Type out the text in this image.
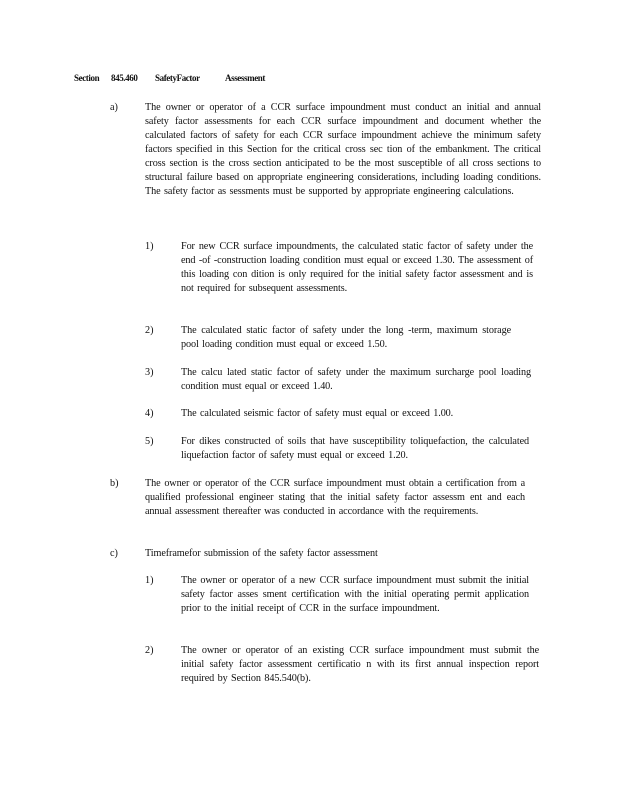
Section 845.460 SafetyFactor	Assessment
a)	The owner or operator of a CCR surface impoundment must conduct an initial and annual safety factor assessments for each CCR surface impoundment and document whether the calculated factors of safety for each CCR surface impoundment achieve the minimum safety factors specified in this Section for the critical cross sec tion of the embankment. The critical cross section is the cross section anticipated to be the most susceptible of all cross sections to structural failure based on appropriate engineering considerations, including loading conditions. The safety factor as sessments must be supported by appropriate engineering calculations.
1)	For new CCR surface impoundments, the calculated static factor of safety under the end -of -construction loading condition must equal or exceed 1.30. The assessment of this loading con dition is only required for the initial safety factor assessment and is not required for subsequent assessments.
2)	The calculated static factor of safety under the long -term, maximum storage pool loading condition must equal or exceed 1.50.
3)	The calcu lated static factor of safety under the maximum surcharge pool loading condition must equal or exceed 1.40.
4)	The calculated seismic factor of safety must equal or exceed 1.00.
5)	For dikes constructed of soils that have susceptibility toliquefaction, the calculated liquefaction factor of safety must equal or exceed 1.20.
b)	The owner or operator of the CCR surface impoundment must obtain a certification from a qualified professional engineer stating that the initial safety factor assessm ent and each annual assessment thereafter was conducted in accordance with the requirements.
c)	Timeframefor submission of the safety factor assessment
1)	The owner or operator of a new CCR surface impoundment must submit the initial safety factor asses sment certification with the initial operating permit application prior to the initial receipt of CCR in the surface impoundment.
2)	The owner or operator of an existing CCR surface impoundment must submit the initial safety factor assessment certificatio n with its first annual inspection report required by Section 845.540(b).
